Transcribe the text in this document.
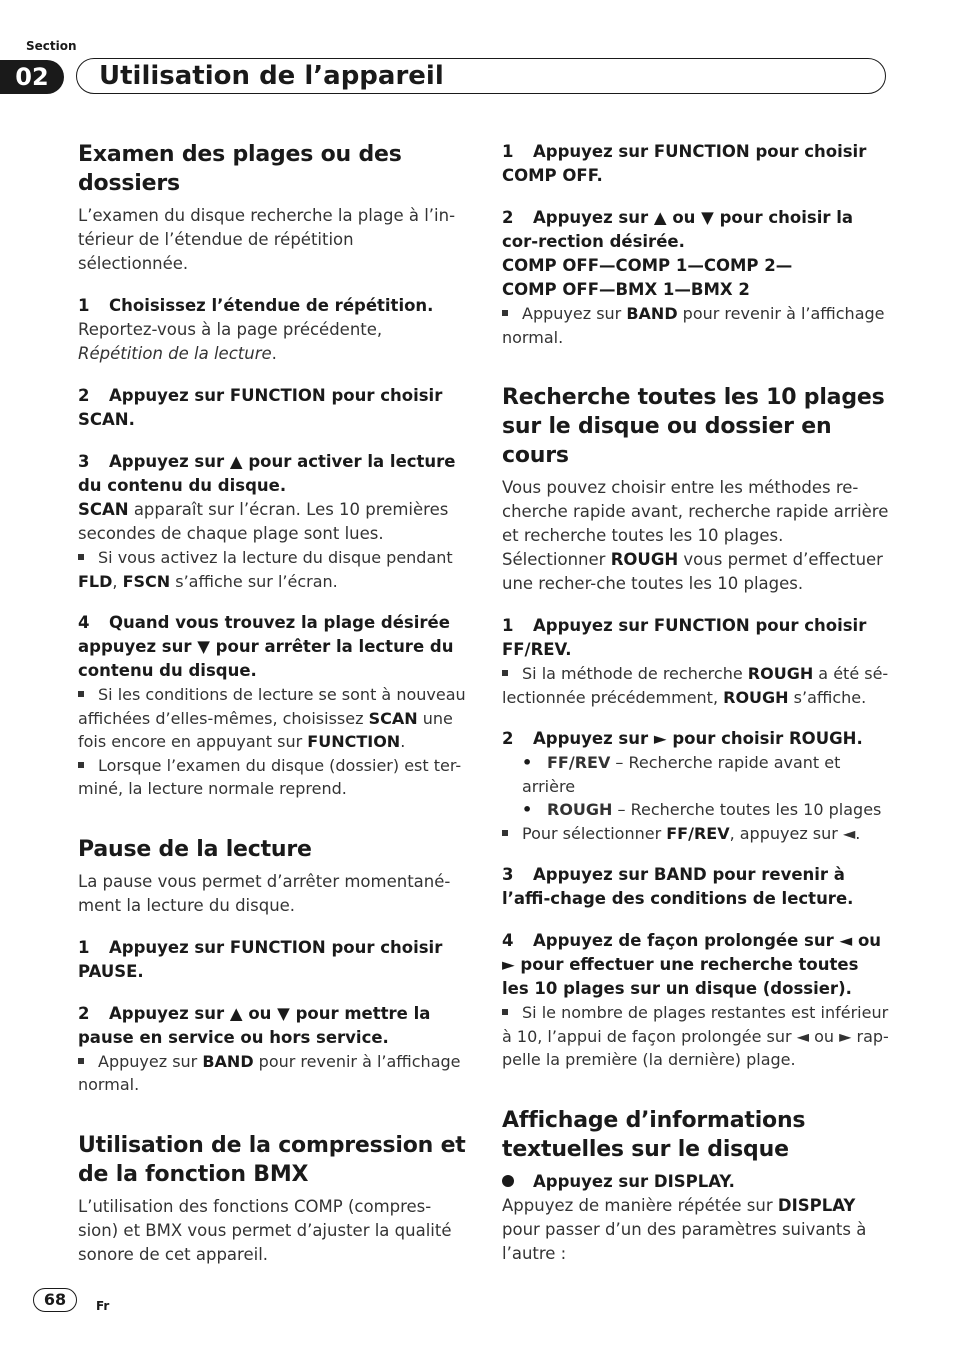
Section
02	Utilisation de l’appareil
Examen des plages ou des dossiers

L’examen du disque recherche la plage à l’in-térieur de l’étendue de répétition sélectionnée.

1 Choisissez l’étendue de répétition.

Reportez-vous à la page précédente, Répétition de la lecture.

2 Appuyez sur FUNCTION pour choisir SCAN.

3 Appuyez sur ▲ pour activer la lecture du contenu du disque.

SCAN apparaît sur l’écran. Les 10 premières secondes de chaque plage sont lues.

Si vous activez la lecture du disque pendant FLD, FSCN s’affiche sur l’écran.

4 Quand vous trouvez la plage désirée appuyez sur ▼ pour arrêter la lecture du contenu du disque.

Si les conditions de lecture se sont à nouveau affichées d’elles-mêmes, choisissez SCAN une fois encore en appuyant sur FUNCTION.

Lorsque l’examen du disque (dossier) est ter-miné, la lecture normale reprend.

Pause de la lecture

La pause vous permet d’arrêter momentané-ment la lecture du disque.

1 Appuyez sur FUNCTION pour choisir PAUSE.

2 Appuyez sur ▲ ou ▼ pour mettre la pause en service ou hors service.

Appuyez sur BAND pour revenir à l’affichage normal.

Utilisation de la compression et de la fonction BMX

L’utilisation des fonctions COMP (compres-sion) et BMX vous permet d’ajuster la qualité sonore de cet appareil.

1 Appuyez sur FUNCTION pour choisir COMP OFF.

2 Appuyez sur ▲ ou ▼ pour choisir la cor-rection désirée.

COMP OFF—COMP 1—COMP 2—

COMP OFF—BMX 1—BMX 2

Appuyez sur BAND pour revenir à l’affichage normal.

Recherche toutes les 10 plages sur le disque ou dossier en cours

Vous pouvez choisir entre les méthodes re-cherche rapide avant, recherche rapide arrière et recherche toutes les 10 plages. Sélectionner ROUGH vous permet d’effectuer une recher-che toutes les 10 plages.

1 Appuyez sur FUNCTION pour choisir FF/REV.

Si la méthode de recherche ROUGH a été sé-lectionnée précédemment, ROUGH s’affiche.

2 Appuyez sur ► pour choisir ROUGH.

• FF/REV – Recherche rapide avant et arrière

• ROUGH – Recherche toutes les 10 plages

Pour sélectionner FF/REV, appuyez sur ◄.

3 Appuyez sur BAND pour revenir à l’affi-chage des conditions de lecture.

4 Appuyez de façon prolongée sur ◄ ou ► pour effectuer une recherche toutes les 10 plages sur un disque (dossier).

Si le nombre de plages restantes est inférieur à 10, l’appui de façon prolongée sur ◄ ou ► rap-pelle la première (la dernière) plage.

Affichage d’informations textuelles sur le disque

Appuyez sur DISPLAY.

Appuyez de manière répétée sur DISPLAY pour passer d’un des paramètres suivants à l’autre :

68	Fr
